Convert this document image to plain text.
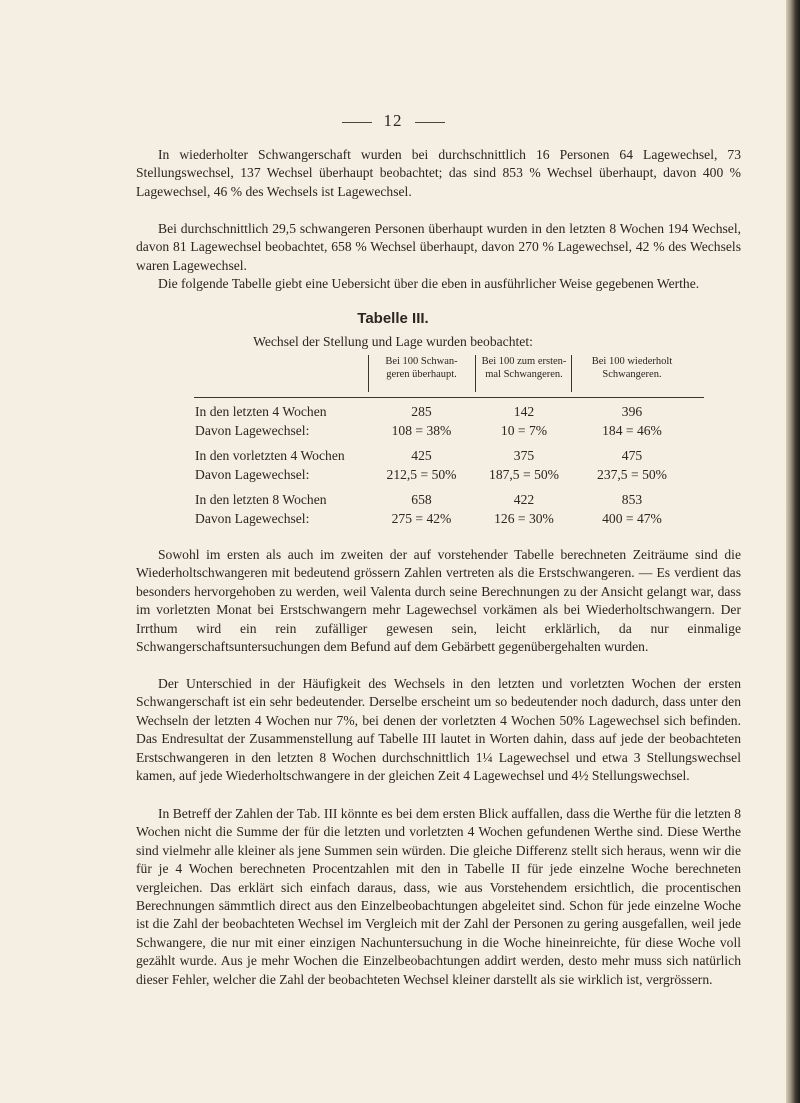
12

In wiederholter Schwangerschaft wurden bei durchschnittlich 16 Personen 64 Lagewechsel, 73 Stellungswechsel, 137 Wechsel überhaupt beobachtet; das sind 853 % Wechsel überhaupt, davon 400 % Lagewechsel, 46 % des Wechsels ist Lagewechsel.

Bei durchschnittlich 29,5 schwangeren Personen überhaupt wurden in den letzten 8 Wochen 194 Wechsel, davon 81 Lagewechsel beobachtet, 658 % Wechsel überhaupt, davon 270 % Lagewechsel, 42 % des Wechsels waren Lagewechsel.

Die folgende Tabelle giebt eine Uebersicht über die eben in ausführlicher Weise gegebenen Werthe.

Tabelle III.
Wechsel der Stellung und Lage wurden beobachtet:
Bei 100 Schwan-
geren überhaupt.
Bei 100 zum ersten-
mal Schwangeren.
Bei 100 wiederholt
Schwangeren.
In den letzten 4 Wochen	285	142	396
Davon Lagewechsel:	108 = 38%	10 = 7%	184 = 46%
In den vorletzten 4 Wochen	425	375	475
Davon Lagewechsel:	212,5 = 50%	187,5 = 50%	237,5 = 50%
In den letzten 8 Wochen	658	422	853
Davon Lagewechsel:	275 = 42%	126 = 30%	400 = 47%

Sowohl im ersten als auch im zweiten der auf vorstehender Tabelle berechneten Zeiträume sind die Wiederholtschwangeren mit bedeutend grössern Zahlen vertreten als die Erstschwangeren. — Es verdient das besonders hervorgehoben zu werden, weil Valenta durch seine Berechnungen zu der Ansicht gelangt war, dass im vorletzten Monat bei Erstschwangern mehr Lagewechsel vorkämen als bei Wiederholtschwangern. Der Irrthum wird ein rein zufälliger gewesen sein, leicht erklärlich, da nur einmalige Schwangerschaftsuntersuchungen dem Befund auf dem Gebärbett gegenübergehalten wurden.

Der Unterschied in der Häufigkeit des Wechsels in den letzten und vorletzten Wochen der ersten Schwangerschaft ist ein sehr bedeutender. Derselbe erscheint um so bedeutender noch dadurch, dass unter den Wechseln der letzten 4 Wochen nur 7%, bei denen der vorletzten 4 Wochen 50% Lagewechsel sich befinden. Das Endresultat der Zusammenstellung auf Tabelle III lautet in Worten dahin, dass auf jede der beobachteten Erstschwangeren in den letzten 8 Wochen durchschnittlich 1¼ Lagewechsel und etwa 3 Stellungswechsel kamen, auf jede Wiederholtschwangere in der gleichen Zeit 4 Lagewechsel und 4½ Stellungswechsel.

In Betreff der Zahlen der Tab. III könnte es bei dem ersten Blick auffallen, dass die Werthe für die letzten 8 Wochen nicht die Summe der für die letzten und vorletzten 4 Wochen gefundenen Werthe sind. Diese Werthe sind vielmehr alle kleiner als jene Summen sein würden. Die gleiche Differenz stellt sich heraus, wenn wir die für je 4 Wochen berechneten Procentzahlen mit den in Tabelle II für jede einzelne Woche berechneten vergleichen. Das erklärt sich einfach daraus, dass, wie aus Vorstehendem ersichtlich, die procentischen Berechnungen sämmtlich direct aus den Einzelbeobachtungen abgeleitet sind. Schon für jede einzelne Woche ist die Zahl der beobachteten Wechsel im Vergleich mit der Zahl der Personen zu gering ausgefallen, weil jede Schwangere, die nur mit einer einzigen Nachuntersuchung in die Woche hineinreichte, für diese Woche voll gezählt wurde. Aus je mehr Wochen die Einzelbeobachtungen addirt werden, desto mehr muss sich natürlich dieser Fehler, welcher die Zahl der beobachteten Wechsel kleiner darstellt als sie wirklich ist, vergrössern.
